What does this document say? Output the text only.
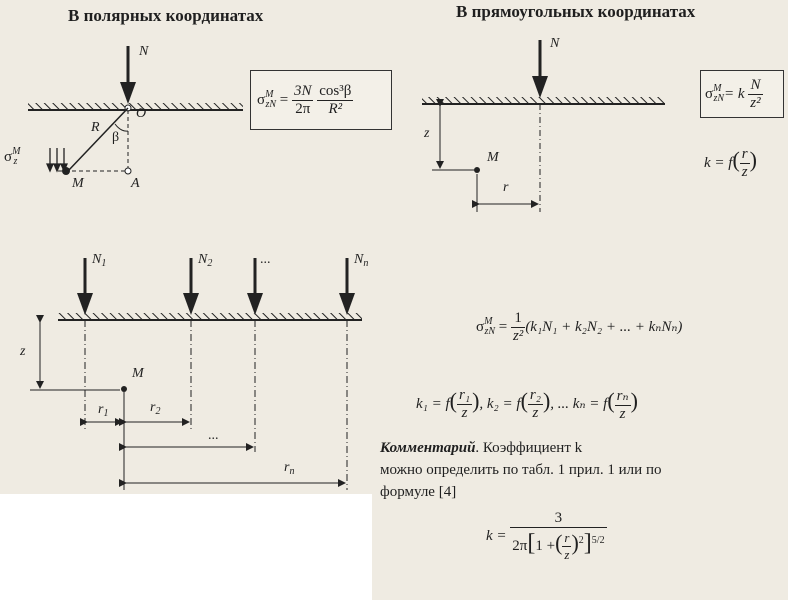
В полярных координатах	В прямоугольных координатах
N
O
R
β
M	A
$\sigma^M_z$
$\sigma^M_{zN} = \frac{3N}{2\pi}$
$\frac{\text{cos³β}}{\text{R²}}$
N
z
M
r
$\sigma^M_{zN}= k \frac{N}{\text{z²}}$
$k = f( \frac{r}{z}$ )
$N_1$	$N_2$	...	$N_n$
z
M
$r_1$	$r_2$
...
$r_n$
$\sigma^M_{zN} = \frac{1}{\text{z²}} (k_1N_1 + k_2N_2$ + ... + kₙNₙ)
$k_1 = f( \frac{\text{r₁}}{z}$ ), $k_2 = f( \frac{\text{r₂}}{z}$ ), ... $k_n = f( \frac{\text{rₙ}}{z}$ )
Комментарий. Коэффициент k
можно определить по табл. 1 прил. 1 или по
формуле [4]
$k = \frac{3}{2\pi[1 +( \frac{r}{z} )^2]^{5/2}}$
